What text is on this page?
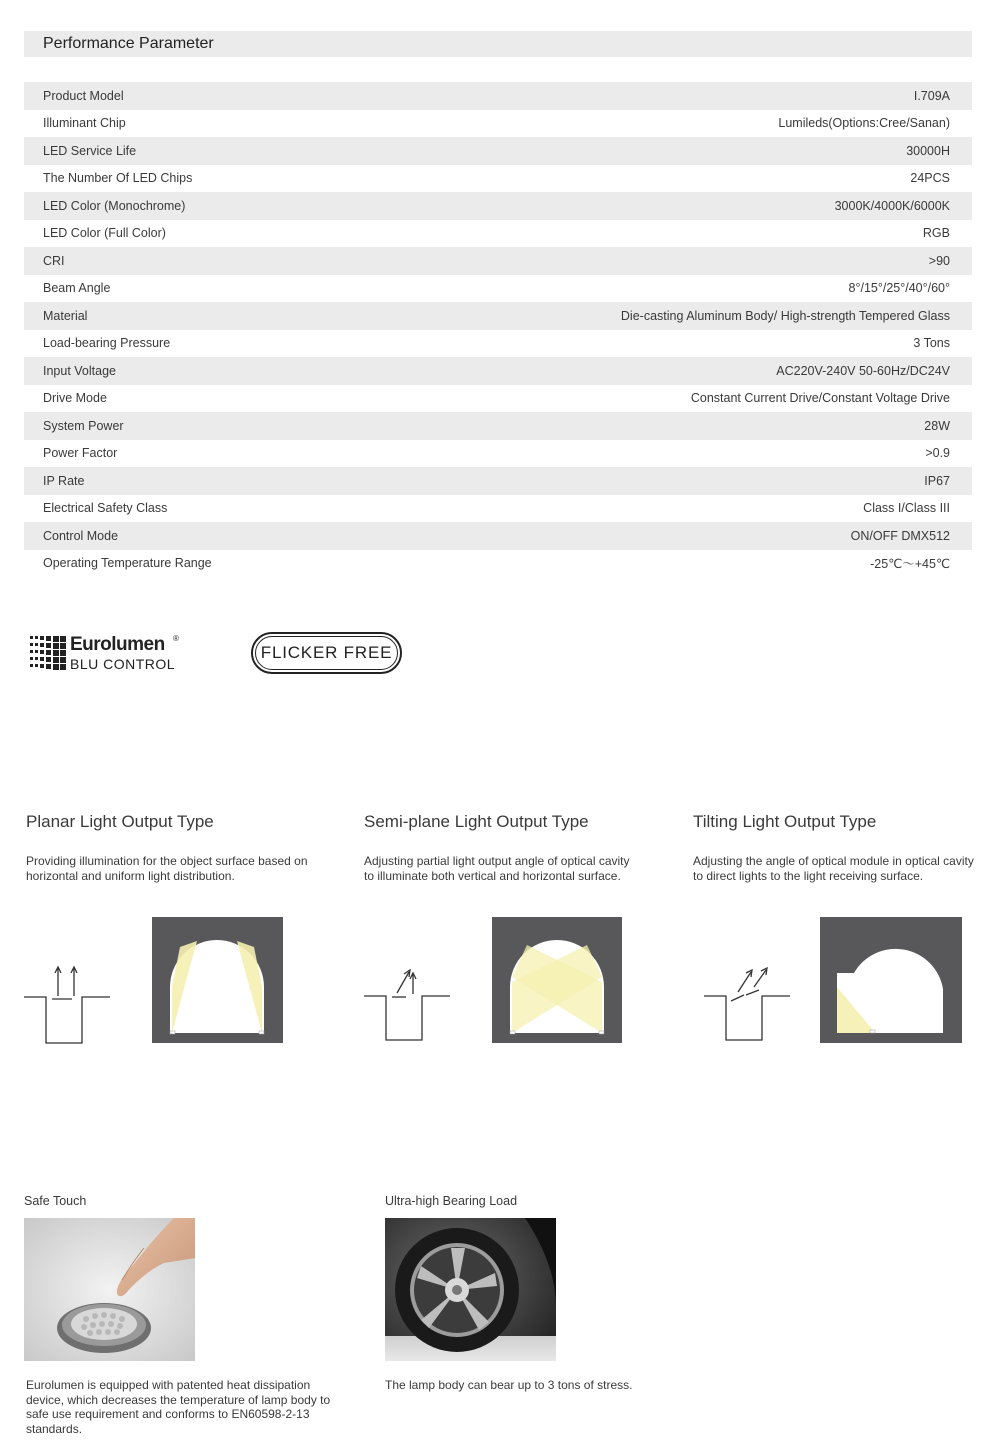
Performance Parameter
Product Model	I.709A
Illuminant Chip	Lumileds(Options:Cree/Sanan)
LED Service Life	30000H
The Number Of LED Chips	24PCS
LED Color (Monochrome)	3000K/4000K/6000K
LED Color (Full Color)	RGB
CRI	>90
Beam Angle	8°/15°/25°/40°/60°
Material	Die-casting Aluminum Body/ High-strength Tempered Glass
Load-bearing Pressure	3 Tons
Input Voltage	AC220V-240V 50-60Hz/DC24V
Drive Mode	Constant Current Drive/Constant Voltage Drive
System Power	28W
Power Factor	>0.9
IP Rate	IP67
Electrical Safety Class	Class I/Class III
Control Mode	ON/OFF DMX512
Operating Temperature Range	-25℃～+45℃
Eurolumen ®
BLU CONTROL
FLICKER FREE

Planar Light Output Type

Providing illumination for the object surface based on horizontal and uniform light distribution.

Semi-plane Light Output Type

Adjusting partial light output angle of optical cavity to illuminate both vertical and horizontal surface.

Tilting Light Output Type

Adjusting the angle of optical module in optical cavity to direct lights to the light receiving surface.

Safe Touch

Eurolumen is equipped with patented heat dissipation device, which decreases the temperature of lamp body to safe use requirement and conforms to EN60598-2-13 standards.

Ultra-high Bearing Load

The lamp body can bear up to 3 tons of stress.
